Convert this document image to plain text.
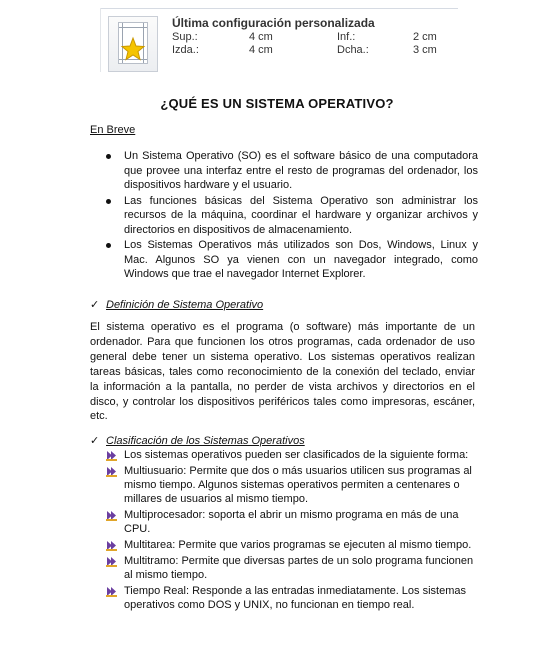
Última configuración personalizada
Sup.:	4 cm	Inf.:	2 cm
Izda.:	4 cm	Dcha.:	3 cm
¿QUÉ ES UN SISTEMA OPERATIVO?
En Breve
Un Sistema Operativo (SO) es el software básico de una computadora que provee una interfaz entre el resto de programas del ordenador, los dispositivos hardware y el usuario.
Las funciones básicas del Sistema Operativo son administrar los recursos de la máquina, coordinar el hardware y organizar archivos y directorios en dispositivos de almacenamiento.
Los Sistemas Operativos más utilizados son Dos, Windows, Linux y Mac. Algunos SO ya vienen con un navegador integrado, como Windows que trae el navegador Internet Explorer.
✓ Definición de Sistema Operativo

El sistema operativo es el programa (o software) más importante de un ordenador. Para que funcionen los otros programas, cada ordenador de uso general debe tener un sistema operativo. Los sistemas operativos realizan tareas básicas, tales como reconocimiento de la conexión del teclado, enviar la información a la pantalla, no perder de vista archivos y directorios en el disco, y controlar los dispositivos periféricos tales como impresoras, escáner, etc.

✓ Clasificación de los Sistemas Operativos
Los sistemas operativos pueden ser clasificados de la siguiente forma:
Multiusuario: Permite que dos o más usuarios utilicen sus programas al mismo tiempo. Algunos sistemas operativos permiten a centenares o millares de usuarios al mismo tiempo.
Multiprocesador: soporta el abrir un mismo programa en más de una CPU.
Multitarea: Permite que varios programas se ejecuten al mismo tiempo.
Multitramo: Permite que diversas partes de un solo programa funcionen al mismo tiempo.
Tiempo Real: Responde a las entradas inmediatamente. Los sistemas operativos como DOS y UNIX, no funcionan en tiempo real.
